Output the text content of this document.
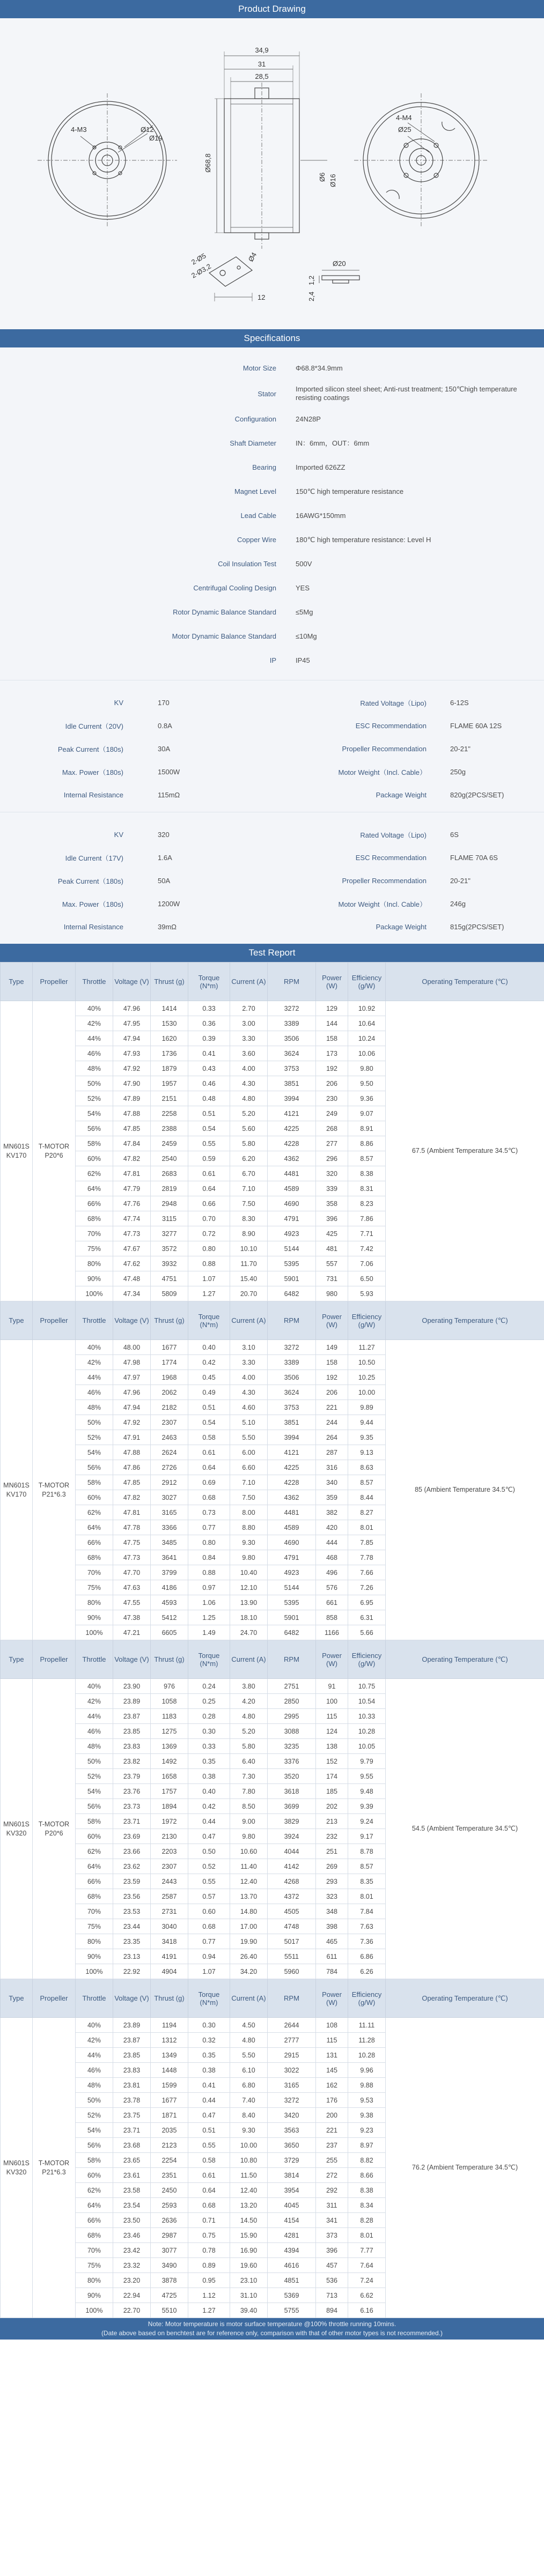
Product Drawing
34,9
31
28,5
4-M3	Ø12
Ø19
Ø68,8
4-M4
Ø25
Ø6 Ø16
2-Ø5
2-Ø3,2
Ø4
12
Ø20
1,2
2,4
Specifications
Motor Size	Φ68.8*34.9mm
Stator
Imported silicon steel sheet; Anti-rust treatment; 150℃high temperature resisting coatings
Configuration	24N28P
Shaft Diameter	IN：6mm，OUT：6mm
Bearing	Imported 626ZZ
Magnet Level	150℃ high temperature resistance
Lead Cable	16AWG*150mm
Copper Wire	180℃ high temperature resistance: Level H
Coil Insulation Test	500V
Centrifugal Cooling Design	YES
Rotor Dynamic Balance Standard	≤5Mg
Motor Dynamic Balance Standard	≤10Mg
IP	IP45
KV	170	Rated Voltage（Lipo)	6-12S
Idle Current（20V)	0.8A	ESC Recommendation	FLAME 60A 12S
Peak Current（180s)	30A	Propeller Recommendation	20-21"
Max. Power（180s)	1500W	Motor Weight（Incl. Cable）	250g
Internal Resistance	115mΩ	Package Weight	820g(2PCS/SET)
KV	320	Rated Voltage（Lipo)	6S
Idle Current（17V)	1.6A	ESC Recommendation	FLAME 70A 6S
Peak Current（180s)	50A	Propeller Recommendation	20-21"
Max. Power（180s)	1200W	Motor Weight（Incl. Cable）	246g
Internal Resistance	39mΩ	Package Weight	815g(2PCS/SET)
Test Report
Type	Propeller	Throttle	Voltage (V)	Thrust (g)	Torque (N*m)	Current (A)	RPM	Power (W)	Efficiency (g/W)	Operating Temperature (℃)
MN601S KV170	T-MOTOR P20*6	40%	47.96	1414	0.33	2.70	3272	129	10.92	67.5 (Ambient Temperature 34.5℃)
		42%	47.95	1530	0.36	3.00	3389	144	10.64	
		44%	47.94	1620	0.39	3.30	3506	158	10.24	
		46%	47.93	1736	0.41	3.60	3624	173	10.06	
		48%	47.92	1879	0.43	4.00	3753	192	9.80	
		50%	47.90	1957	0.46	4.30	3851	206	9.50	
		52%	47.89	2151	0.48	4.80	3994	230	9.36	
		54%	47.88	2258	0.51	5.20	4121	249	9.07	
		56%	47.85	2388	0.54	5.60	4225	268	8.91	
		58%	47.84	2459	0.55	5.80	4228	277	8.86	
		60%	47.82	2540	0.59	6.20	4362	296	8.57	
		62%	47.81	2683	0.61	6.70	4481	320	8.38	
		64%	47.79	2819	0.64	7.10	4589	339	8.31	
		66%	47.76	2948	0.66	7.50	4690	358	8.23	
		68%	47.74	3115	0.70	8.30	4791	396	7.86	
		70%	47.73	3277	0.72	8.90	4923	425	7.71	
		75%	47.67	3572	0.80	10.10	5144	481	7.42	
		80%	47.62	3932	0.88	11.70	5395	557	7.06	
		90%	47.48	4751	1.07	15.40	5901	731	6.50	
		100%	47.34	5809	1.27	20.70	6482	980	5.93	
Type	Propeller	Throttle	Voltage (V)	Thrust (g)	Torque (N*m)	Current (A)	RPM	Power (W)	Efficiency (g/W)	Operating Temperature (℃)
MN601S KV170	T-MOTOR P21*6.3	40%	48.00	1677	0.40	3.10	3272	149	11.27	85 (Ambient Temperature 34.5℃)
		42%	47.98	1774	0.42	3.30	3389	158	10.50	
		44%	47.97	1968	0.45	4.00	3506	192	10.25	
		46%	47.96	2062	0.49	4.30	3624	206	10.00	
		48%	47.94	2182	0.51	4.60	3753	221	9.89	
		50%	47.92	2307	0.54	5.10	3851	244	9.44	
		52%	47.91	2463	0.58	5.50	3994	264	9.35	
		54%	47.88	2624	0.61	6.00	4121	287	9.13	
		56%	47.86	2726	0.64	6.60	4225	316	8.63	
		58%	47.85	2912	0.69	7.10	4228	340	8.57	
		60%	47.82	3027	0.68	7.50	4362	359	8.44	
		62%	47.81	3165	0.73	8.00	4481	382	8.27	
		64%	47.78	3366	0.77	8.80	4589	420	8.01	
		66%	47.75	3485	0.80	9.30	4690	444	7.85	
		68%	47.73	3641	0.84	9.80	4791	468	7.78	
		70%	47.70	3799	0.88	10.40	4923	496	7.66	
		75%	47.63	4186	0.97	12.10	5144	576	7.26	
		80%	47.55	4593	1.06	13.90	5395	661	6.95	
		90%	47.38	5412	1.25	18.10	5901	858	6.31	
		100%	47.21	6605	1.49	24.70	6482	1166	5.66	
Type	Propeller	Throttle	Voltage (V)	Thrust (g)	Torque (N*m)	Current (A)	RPM	Power (W)	Efficiency (g/W)	Operating Temperature (℃)
MN601S KV320	T-MOTOR P20*6	40%	23.90	976	0.24	3.80	2751	91	10.75	54.5 (Ambient Temperature 34.5℃)
		42%	23.89	1058	0.25	4.20	2850	100	10.54	
		44%	23.87	1183	0.28	4.80	2995	115	10.33	
		46%	23.85	1275	0.30	5.20	3088	124	10.28	
		48%	23.83	1369	0.33	5.80	3235	138	10.05	
		50%	23.82	1492	0.35	6.40	3376	152	9.79	
		52%	23.79	1658	0.38	7.30	3520	174	9.55	
		54%	23.76	1757	0.40	7.80	3618	185	9.48	
		56%	23.73	1894	0.42	8.50	3699	202	9.39	
		58%	23.71	1972	0.44	9.00	3829	213	9.24	
		60%	23.69	2130	0.47	9.80	3924	232	9.17	
		62%	23.66	2203	0.50	10.60	4044	251	8.78	
		64%	23.62	2307	0.52	11.40	4142	269	8.57	
		66%	23.59	2443	0.55	12.40	4268	293	8.35	
		68%	23.56	2587	0.57	13.70	4372	323	8.01	
		70%	23.53	2731	0.60	14.80	4505	348	7.84	
		75%	23.44	3040	0.68	17.00	4748	398	7.63	
		80%	23.35	3418	0.77	19.90	5017	465	7.36	
		90%	23.13	4191	0.94	26.40	5511	611	6.86	
		100%	22.92	4904	1.07	34.20	5960	784	6.26	
Type	Propeller	Throttle	Voltage (V)	Thrust (g)	Torque (N*m)	Current (A)	RPM	Power (W)	Efficiency (g/W)	Operating Temperature (℃)
MN601S KV320	T-MOTOR P21*6.3	40%	23.89	1194	0.30	4.50	2644	108	11.11	76.2 (Ambient Temperature 34.5℃)
		42%	23.87	1312	0.32	4.80	2777	115	11.28	
		44%	23.85	1349	0.35	5.50	2915	131	10.28	
		46%	23.83	1448	0.38	6.10	3022	145	9.96	
		48%	23.81	1599	0.41	6.80	3165	162	9.88	
		50%	23.78	1677	0.44	7.40	3272	176	9.53	
		52%	23.75	1871	0.47	8.40	3420	200	9.38	
		54%	23.71	2035	0.51	9.30	3563	221	9.23	
		56%	23.68	2123	0.55	10.00	3650	237	8.97	
		58%	23.65	2254	0.58	10.80	3729	255	8.82	
		60%	23.61	2351	0.61	11.50	3814	272	8.66	
		62%	23.58	2450	0.64	12.40	3954	292	8.38	
		64%	23.54	2593	0.68	13.20	4045	311	8.34	
		66%	23.50	2636	0.71	14.50	4154	341	8.28	
		68%	23.46	2987	0.75	15.90	4281	373	8.01	
		70%	23.42	3077	0.78	16.90	4394	396	7.77	
		75%	23.32	3490	0.89	19.60	4616	457	7.64	
		80%	23.20	3878	0.95	23.10	4851	536	7.24	
		90%	22.94	4725	1.12	31.10	5369	713	6.62	
		100%	22.70	5510	1.27	39.40	5755	894	6.16	
Note: Motor temperature is motor surface temperature @100% throttle running 10mins.
(Date above based on benchtest are for reference only, comparison with that of other motor types is not recommended.)
